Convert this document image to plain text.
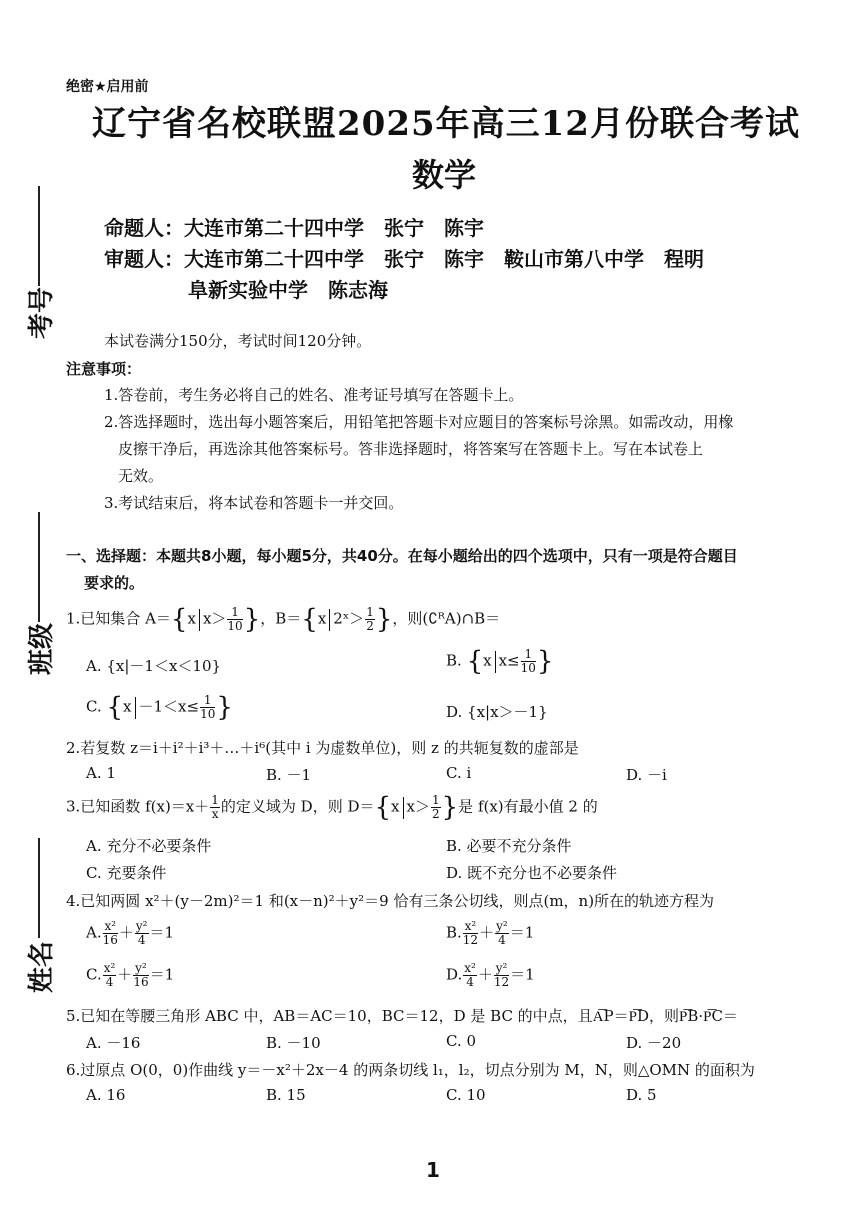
考号
班级
姓名
绝密★启用前
辽宁省名校联盟2025年高三12月份联合考试
数学
命题人：大连市第二十四中学　张宁　陈宇
审题人：大连市第二十四中学　张宁　陈宇　鞍山市第八中学　程明
阜新实验中学　陈志海
本试卷满分150分，考试时间120分钟。
注意事项：
1.答卷前，考生务必将自己的姓名、准考证号填写在答题卡上。
2.答选择题时，选出每小题答案后，用铅笔把答题卡对应题目的答案标号涂黑。如需改动，用橡
皮擦干净后，再选涂其他答案标号。答非选择题时，将答案写在答题卡上。写在本试卷上
无效。
3.考试结束后，将本试卷和答题卡一并交回。
一、选择题：本题共8小题，每小题5分，共40分。在每小题给出的四个选项中，只有一项是符合题目
要求的。
1.已知集合 A＝{x $x> \frac{1}{10}$ }，B＝{x 2ˣ＞ $\frac{1}{2}$ }，则(∁ᴿA)∩B＝
A. {x|－1＜x＜10}	B. {x $x\le \frac{1}{10}$ }
C. {$x -1<x\le \frac{1}{10}$ }	D. {x|x＞－1}
2.若复数 z＝i＋i²＋i³＋…＋i⁶(其中 i 为虚数单位)，则 z 的共轭复数的虚部是
A. 1	B. －1	C. i	D. －i
3.已知函数 $f(x)=x+ \frac{1}{x}$ 的定义域为 D，则 D＝{x $x> \frac{1}{2}$ }是 f(x)有最小值 2 的
A. 充分不必要条件	B. 必要不充分条件
C. 充要条件	D. 既不充分也不必要条件
4.已知两圆 x²＋(y－2m)²＝1 和(x－n)²＋y²＝9 恰有三条公切线，则点(m，n)所在的轨迹方程为
A. $\frac{\text{x²}}{16} + \frac{\text{y²}}{4} =1$	B. $\frac{\text{x²}}{12} + \frac{\text{y²}}{4} =1$
C. $\frac{\text{x²}}{4} + \frac{\text{y²}}{16} =1$	D. $\frac{\text{x²}}{4} + \frac{\text{y²}}{12} =1$
5.已知在等腰三角形 ABC 中，AB＝AC＝10，BC＝12，D 是 BC 的中点，且A͞P＝P͞D，则P͞B·P͞C＝
A. －16	B. －10	C. 0	D. －20
6.过原点 O(0，0)作曲线 y＝－x²＋2x－4 的两条切线 l₁，l₂，切点分别为 M，N，则△OMN 的面积为
A. 16	B. 15	C. 10	D. 5
1
